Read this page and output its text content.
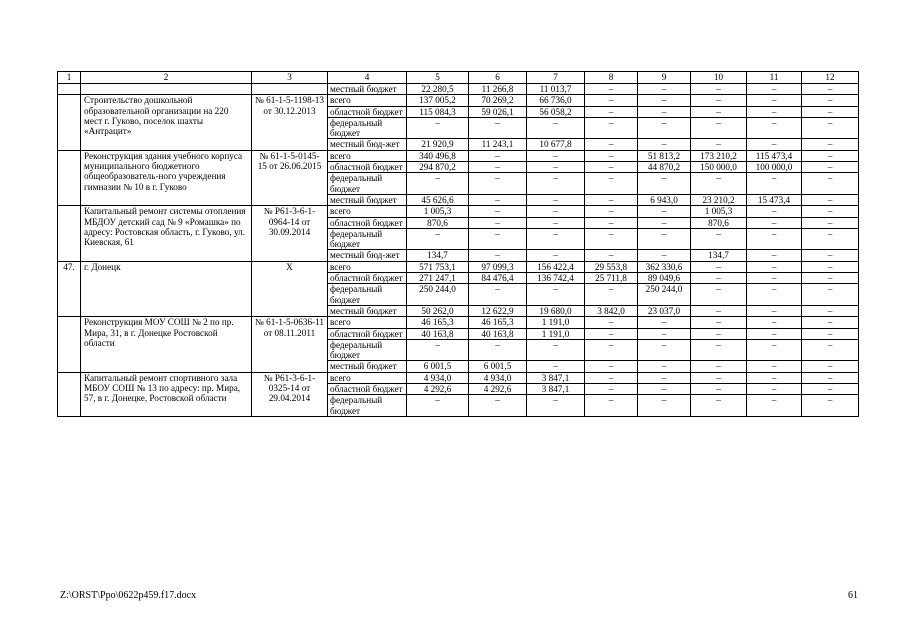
1	2	3	4	5	6	7	8	9	10	11	12
			местный бюджет	22 280,5	11 266,8	11 013,7	–	–	–	–	–
	Строительство дошкольной образовательной организации на 220 мест г. Гуково, поселок шахты «Антрацит»	№ 61-1-5-1198-13 от 30.12.2013	всего	137 005,2	70 269,2	66 736,0	–	–	–	–	–
			областной бюджет	115 084,3	59 026,1	56 058,2	–	–	–	–	–
			федеральный бюджет	–	–	–	–	–	–	–	–
			местный бюд-жет	21 920,9	11 243,1	10 677,8	–	–	–	–	–
	Реконструкция здания учебного корпуса муниципального бюджетного общеобразователь-ного учреждения гимназии № 10 в г. Гуково	№ 61-1-5-0145-15 от 26.06.2015	всего	340 496,8	–	–	–	51 813,2	173 210,2	115 473,4	–
			областной бюджет	294 870,2	–	–	–	44 870,2	150 000,0	100 000,0	–
			федеральный бюджет	–	–	–	–	–	–	–	–
			местный бюджет	45 626,6	–	–	–	6 943,0	23 210,2	15 473,4	–
	Капитальный ремонт системы отопления МБДОУ детский сад № 9 «Ромашка» по адресу: Ростовская область, г. Гуково, ул. Киевская, 61	№ Р61-3-6-1-0964-14 от 30.09.2014	всего	1 005,3	–	–	–	–	1 005,3	–	–
			областной бюджет	870,6	–	–	–	–	870,6	–	–
			федеральный бюджет	–	–	–	–	–	–	–	–
			местный бюд-жет	134,7	–	–	–	–	134,7	–	–
47.	г. Донецк	Х	всего	571 753,1	97 099,3	156 422,4	29 553,8	362 330,6	–	–	–
			областной бюджет	271 247,1	84 476,4	136 742,4	25 711,8	89 049,6	–	–	–
			федеральный бюджет	250 244,0	–	–	–	250 244,0	–	–	–
			местный бюджет	50 262,0	12 622,9	19 680,0	3 842,0	23 037,0	–	–	–
	Реконструкция МОУ СОШ № 2 по пр. Мира, 31, в г. Донецке Ростовской области	№ 61-1-5-0636-11 от 08.11.2011	всего	46 165,3	46 165,3	1 191,0	–	–	–	–	–
			областной бюджет	40 163,8	40 163,8	1 191,0	–	–	–	–	–
			федеральный бюджет	–	–	–	–	–	–	–	–
			местный бюджет	6 001,5	6 001,5	–	–	–	–	–	–
	Капитальный ремонт спортивного зала МБОУ СОШ № 13 по адресу: пр. Мира, 57, в г. Донецке, Ростовской области	№ Р61-3-6-1-0325-14 от 29.04.2014	всего	4 934,0	4 934,0	3 847,1	–	–	–	–	–
			областной бюджет	4 292,6	4 292,6	3 847,1	–	–	–	–	–
			федеральный бюджет	–	–	–	–	–	–	–	–
Z:\ORST\Ppo\0622p459.f17.docx	61
